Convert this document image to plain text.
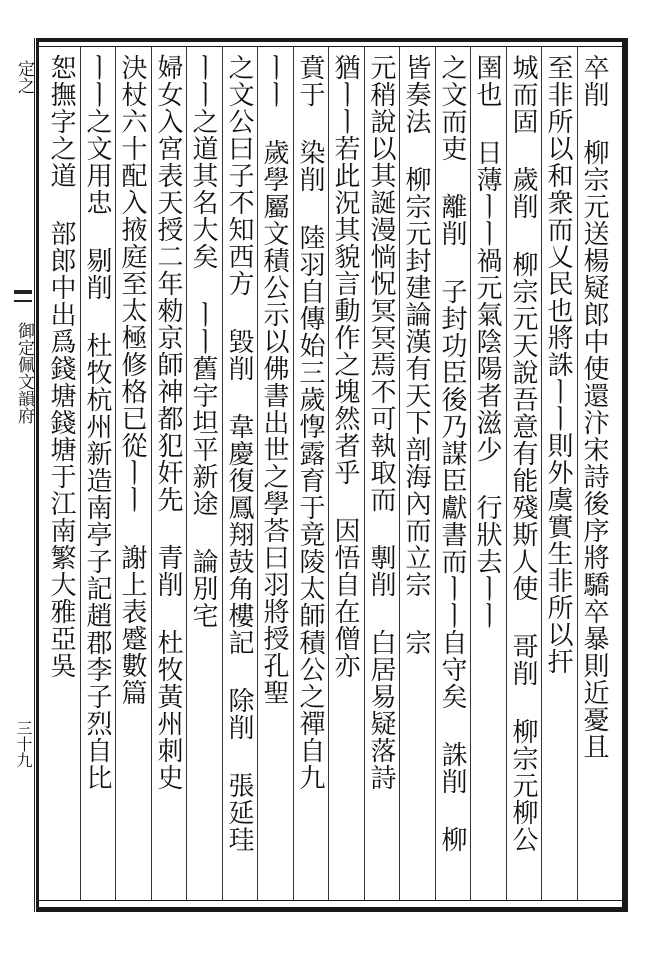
定之
御定佩文韻府
三十九	卒削 柳宗元送楊疑郎中使還汴宋詩後序將驕卒暴則近憂且
至非所以和衆而乂民也將誅ㅣㅣ則外虞實生非所以扞
城而固 歲削 柳宗元天說吾意有能殘斯人使 哥削 柳宗元柳公
圉也 日薄ㅣㅣ禍元氣陰陽者滋少 行狀去ㅣㅣ
之文而吏 離削 子封功臣後乃謀臣獻書而ㅣㅣ自守矣 誅削 柳
皆奏法 柳宗元封建論漢有天下剖海內而立宗 宗
元稍說以其誕漫惝怳冥冥焉不可執取而 剸削 白居易疑落詩
猶ㅣㅣ若此況其貌言動作之塊然者乎 因悟自在僧亦
賁于 染削 陸羽自傳始三歲惸露育于竟陵太師積公之禪自九
ㅣㅣ 歲學屬文積公示以佛書出世之學荅曰羽將授孔聖
之文公曰子不知西方 毀削 韋慶復鳳翔鼓角樓記 除削 張延珪
ㅣㅣ之道其名大矣 ㅣㅣ舊宇坦平新途 論別宅
婦女入宮表天授二年勑京師神都犯奸先 青削 杜牧黃州刺史
決杖六十配入掖庭至太極修格已從ㅣㅣ 謝上表蹙數篇
ㅣㅣ之文用忠 剔削 杜牧杭州新造南亭子記趙郡李子烈自比
恕撫字之道 部郎中出爲錢塘錢塘于江南繁大雅亞吳
